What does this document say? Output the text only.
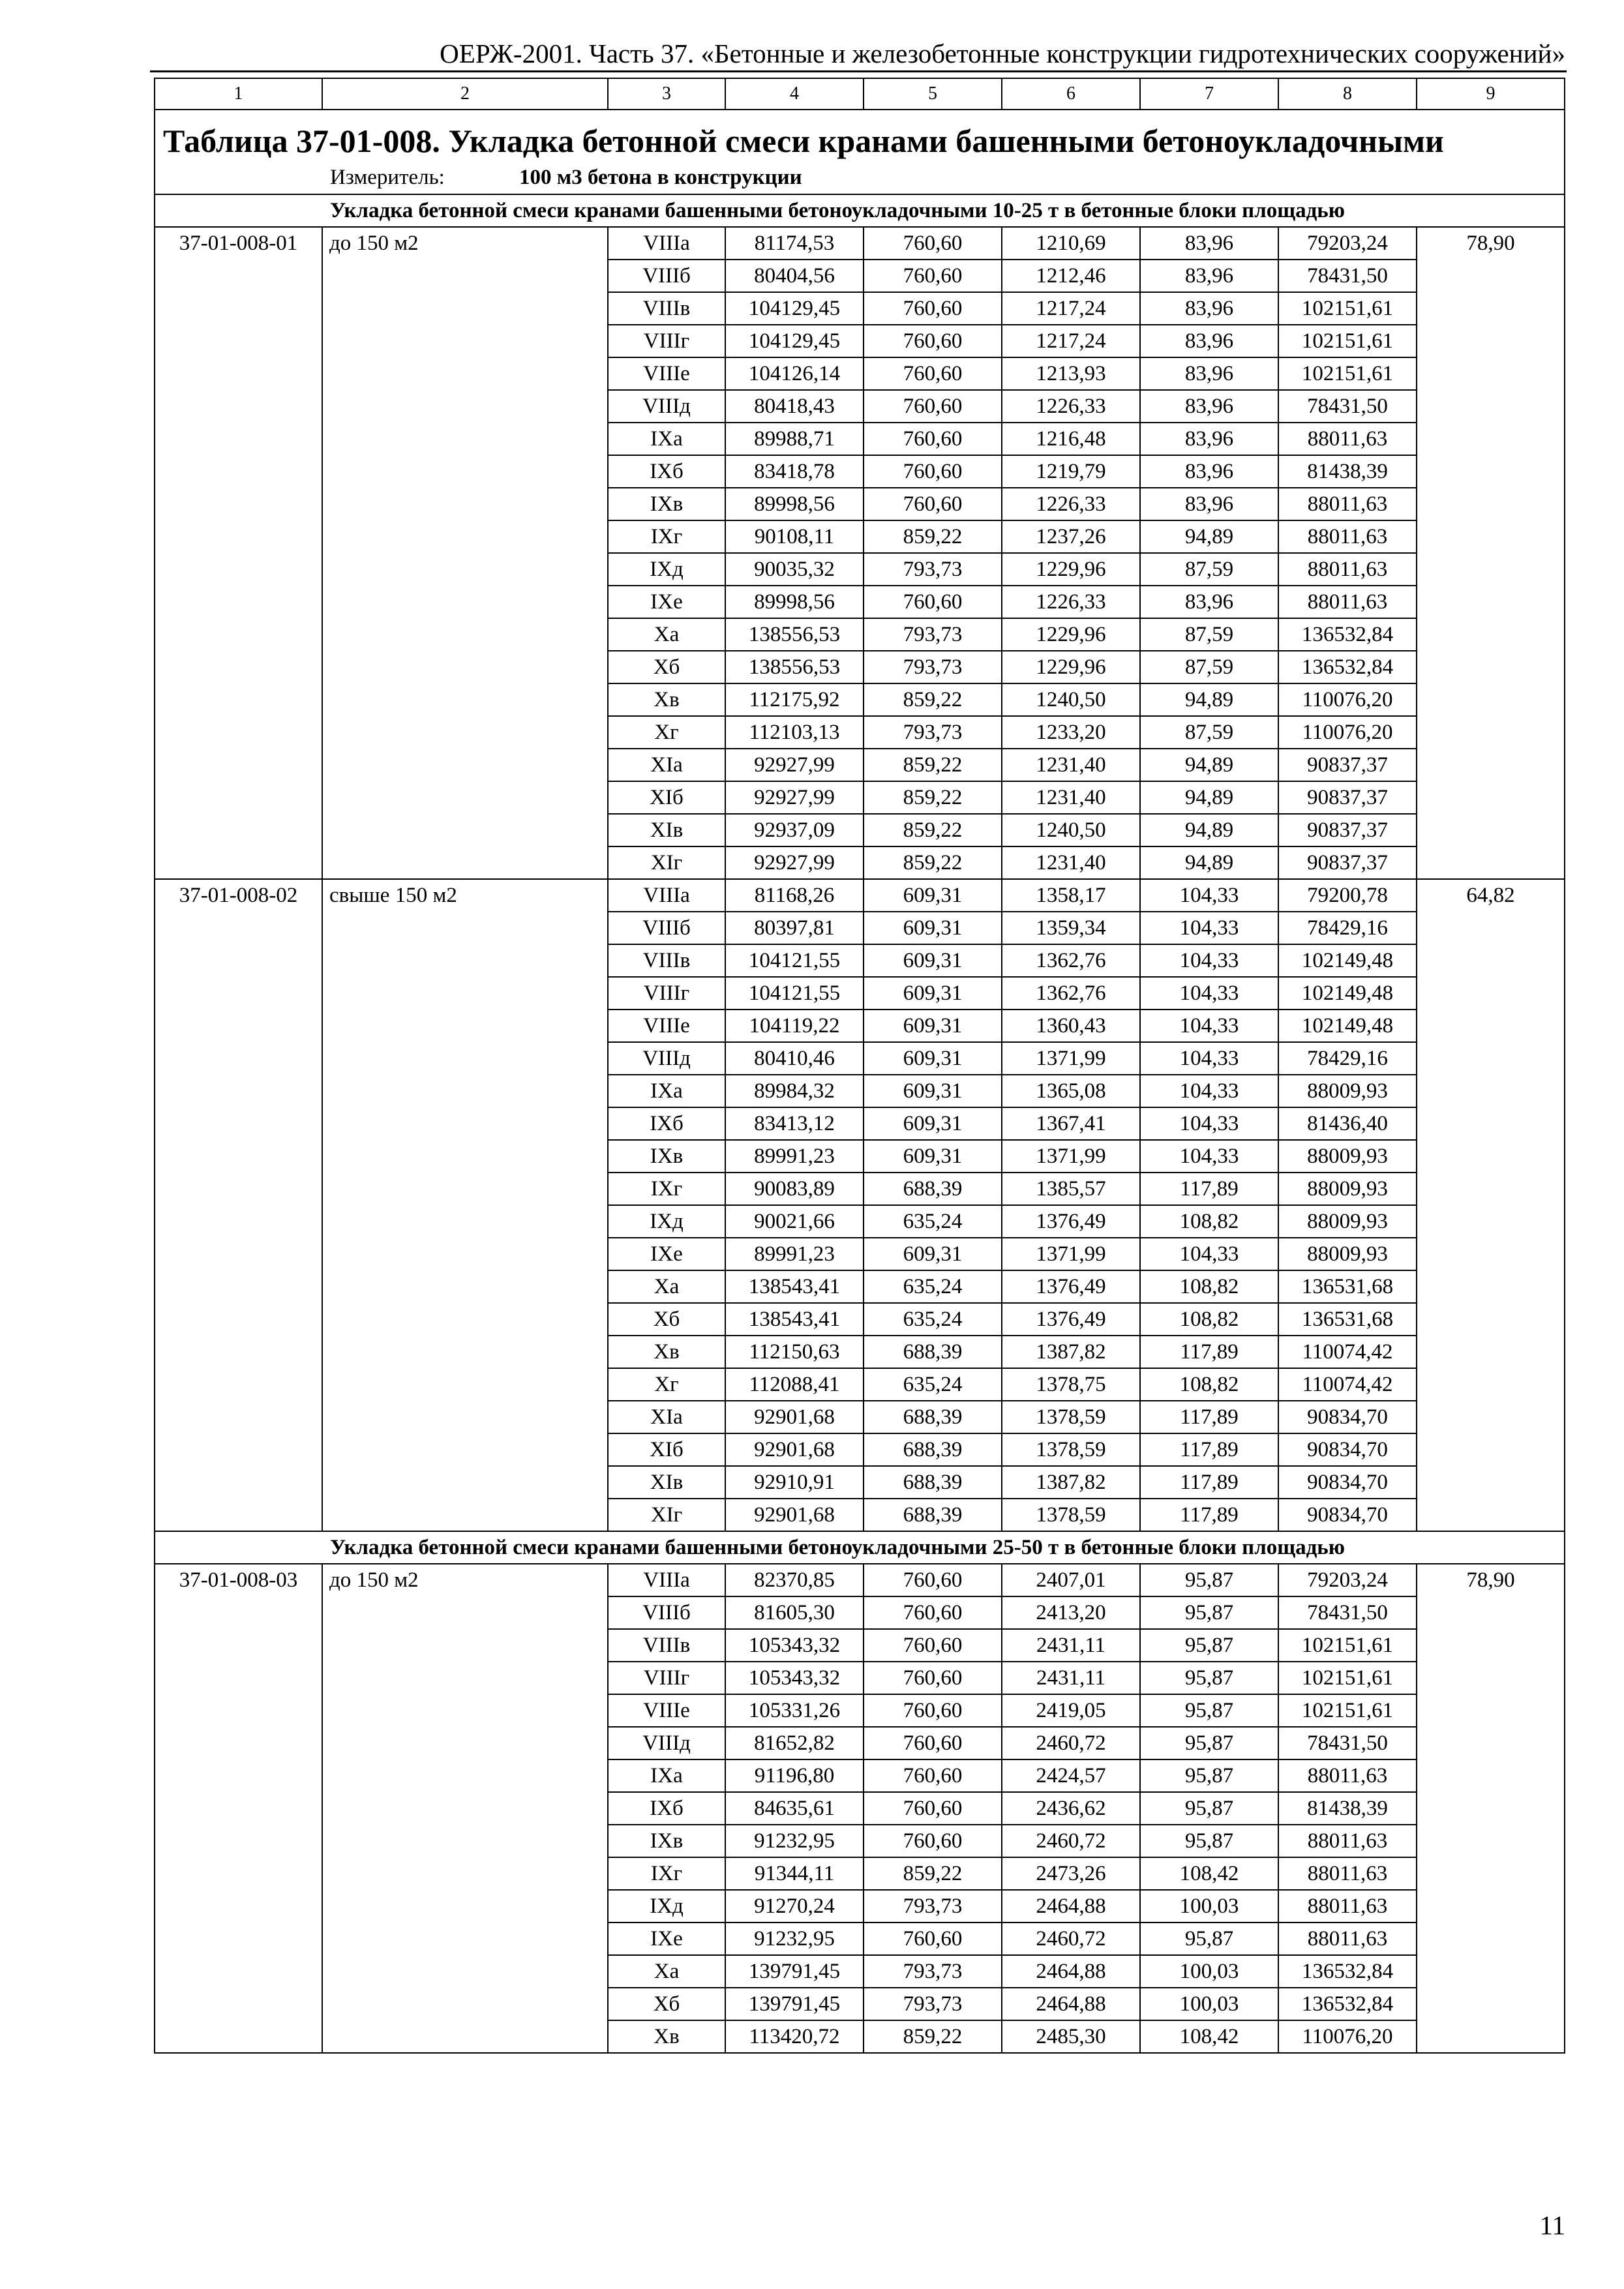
ОЕРЖ-2001. Часть 37. «Бетонные и железобетонные конструкции гидротехнических сооружений»
1	2	3	4	5	6	7	8	9

Таблица 37-01-008. Укладка бетонной смеси кранами башенными бетоноукладочными								

Измеритель: 100 м3 бетона в конструкции								
Укладка бетонной смеси кранами башенными бетоноукладочными 10-25 т в бетонные блоки площадью								
37-01-008-01	до 150 м2	VIIIа	81174,53	760,60	1210,69	83,96	79203,24	78,90
		VIIIб	80404,56	760,60	1212,46	83,96	78431,50	
		VIIIв	104129,45	760,60	1217,24	83,96	102151,61	
		VIIIг	104129,45	760,60	1217,24	83,96	102151,61	
		VIIIе	104126,14	760,60	1213,93	83,96	102151,61	
		VIIIд	80418,43	760,60	1226,33	83,96	78431,50	
		IXа	89988,71	760,60	1216,48	83,96	88011,63	
		IXб	83418,78	760,60	1219,79	83,96	81438,39	
		IXв	89998,56	760,60	1226,33	83,96	88011,63	
		IXг	90108,11	859,22	1237,26	94,89	88011,63	
		IXд	90035,32	793,73	1229,96	87,59	88011,63	
		IXе	89998,56	760,60	1226,33	83,96	88011,63	
		Xа	138556,53	793,73	1229,96	87,59	136532,84	
		Xб	138556,53	793,73	1229,96	87,59	136532,84	
		Xв	112175,92	859,22	1240,50	94,89	110076,20	
		Xг	112103,13	793,73	1233,20	87,59	110076,20	
		XIа	92927,99	859,22	1231,40	94,89	90837,37	
		XIб	92927,99	859,22	1231,40	94,89	90837,37	
		XIв	92937,09	859,22	1240,50	94,89	90837,37	
		XIг	92927,99	859,22	1231,40	94,89	90837,37	
37-01-008-02	свыше 150 м2	VIIIа	81168,26	609,31	1358,17	104,33	79200,78	64,82
		VIIIб	80397,81	609,31	1359,34	104,33	78429,16	
		VIIIв	104121,55	609,31	1362,76	104,33	102149,48	
		VIIIг	104121,55	609,31	1362,76	104,33	102149,48	
		VIIIе	104119,22	609,31	1360,43	104,33	102149,48	
		VIIIд	80410,46	609,31	1371,99	104,33	78429,16	
		IXа	89984,32	609,31	1365,08	104,33	88009,93	
		IXб	83413,12	609,31	1367,41	104,33	81436,40	
		IXв	89991,23	609,31	1371,99	104,33	88009,93	
		IXг	90083,89	688,39	1385,57	117,89	88009,93	
		IXд	90021,66	635,24	1376,49	108,82	88009,93	
		IXе	89991,23	609,31	1371,99	104,33	88009,93	
		Xа	138543,41	635,24	1376,49	108,82	136531,68	
		Xб	138543,41	635,24	1376,49	108,82	136531,68	
		Xв	112150,63	688,39	1387,82	117,89	110074,42	
		Xг	112088,41	635,24	1378,75	108,82	110074,42	
		XIа	92901,68	688,39	1378,59	117,89	90834,70	
		XIб	92901,68	688,39	1378,59	117,89	90834,70	
		XIв	92910,91	688,39	1387,82	117,89	90834,70	
		XIг	92901,68	688,39	1378,59	117,89	90834,70	
Укладка бетонной смеси кранами башенными бетоноукладочными 25-50 т в бетонные блоки площадью								
37-01-008-03	до 150 м2	VIIIа	82370,85	760,60	2407,01	95,87	79203,24	78,90
		VIIIб	81605,30	760,60	2413,20	95,87	78431,50	
		VIIIв	105343,32	760,60	2431,11	95,87	102151,61	
		VIIIг	105343,32	760,60	2431,11	95,87	102151,61	
		VIIIе	105331,26	760,60	2419,05	95,87	102151,61	
		VIIIд	81652,82	760,60	2460,72	95,87	78431,50	
		IXа	91196,80	760,60	2424,57	95,87	88011,63	
		IXб	84635,61	760,60	2436,62	95,87	81438,39	
		IXв	91232,95	760,60	2460,72	95,87	88011,63	
		IXг	91344,11	859,22	2473,26	108,42	88011,63	
		IXд	91270,24	793,73	2464,88	100,03	88011,63	
		IXе	91232,95	760,60	2460,72	95,87	88011,63	
		Xа	139791,45	793,73	2464,88	100,03	136532,84	
		Xб	139791,45	793,73	2464,88	100,03	136532,84	
		Xв	113420,72	859,22	2485,30	108,42	110076,20	
11
